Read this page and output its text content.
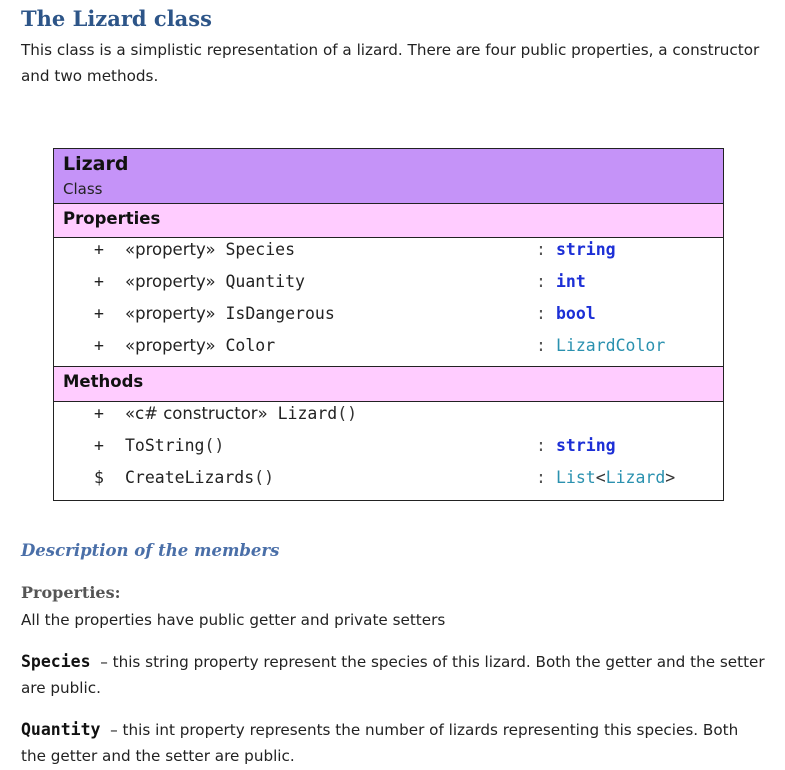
The Lizard class

This class is a simplistic representation of a lizard. There are four public properties, a constructor and two methods.

Lizard
Class
Properties
+ «property» Species	: string
+ «property» Quantity	: int
+ «property» IsDangerous	: bool
+ «property» Color	: LizardColor
Methods
+ «c# constructor» Lizard()
+ ToString()	: string
$ CreateLizards()	: List<Lizard>
Description of the members
Properties:

All the properties have public getter and private setters

Species – this string property represent the species of this lizard. Both the getter and the setter are public.

Quantity – this int property represents the number of lizards representing this species. Both the getter and the setter are public.
